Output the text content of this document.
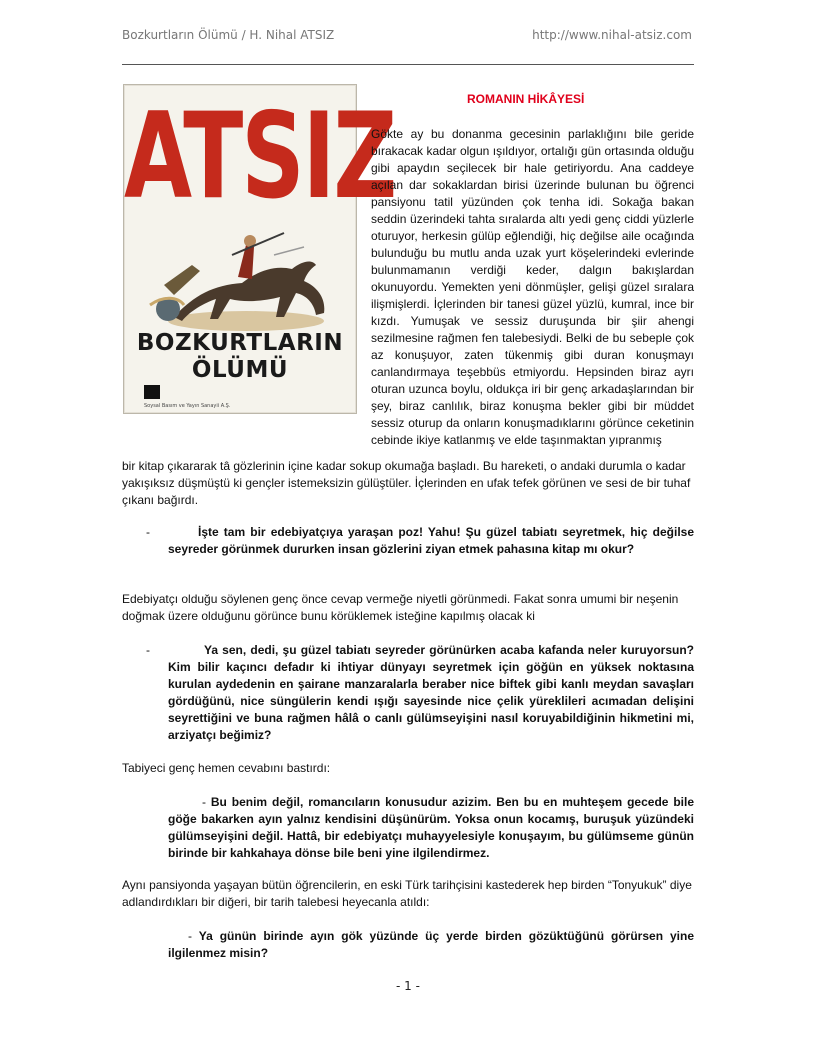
Bozkurtların Ölümü / H. Nihal ATSIZ	http://www.nihal-atsiz.com
ATSIZ
BOZKURTLARIN
ÖLÜMÜ
Soysal Basım ve Yayın Sanayii A.Ş.
ROMANIN HİKÂYESİ

Gökte ay bu donanma gecesinin parlaklığını bile geride bırakacak kadar olgun ışıldıyor, ortalığı gün ortasında olduğu gibi apaydın seçilecek bir hale getiriyordu. Ana caddeye açılan dar sokaklardan birisi üzerinde bulunan bu öğrenci pansiyonu tatil yüzünden çok tenha idi. Sokağa bakan seddin üzerindeki tahta sıralarda altı yedi genç ciddi yüzlerle oturuyor, herkesin gülüp eğlendiği, hiç değilse aile ocağında bulunduğu bu mutlu anda uzak yurt köşelerindeki evlerinde bulunmamanın verdiği keder, dalgın bakışlardan okunuyordu. Yemekten yeni dönmüşler, gelişi güzel sıralara ilişmişlerdi. İçlerinden bir tanesi güzel yüzlü, kumral, ince bir kızdı. Yumuşak ve sessiz duruşunda bir şiir ahengi sezilmesine rağmen fen talebesiydi. Belki de bu sebeple çok az konuşuyor, zaten tükenmiş gibi duran konuşmayı canlandırmaya teşebbüs etmiyordu. Hepsinden biraz ayrı oturan uzunca boylu, oldukça iri bir genç arkadaşlarından bir şey, biraz canlılık, biraz konuşma bekler gibi bir müddet sessiz oturup da onların konuşmadıklarını görünce ceketinin cebinde ikiye katlanmış ve elde taşınmaktan yıpranmış

bir kitap çıkararak tâ gözlerinin içine kadar sokup okumağa başladı. Bu hareketi, o andaki durumla o kadar yakışıksız düşmüştü ki gençler istemeksizin gülüştüler. İçlerinden en ufak tefek görünen ve sesi de bir tuhaf çıkanı bağırdı.

-	İşte tam bir edebiyatçıya yaraşan poz! Yahu! Şu güzel tabiatı seyretmek, hiç değilse seyreder görünmek dururken insan gözlerini ziyan etmek pahasına kitap mı okur?

Edebiyatçı olduğu söylenen genç önce cevap vermeğe niyetli görünmedi. Fakat sonra umumi bir neşenin doğmak üzere olduğunu görünce bunu körüklemek isteğine kapılmış olacak ki

-	Ya sen, dedi, şu güzel tabiatı seyreder görünürken acaba kafanda neler kuruyorsun? Kim bilir kaçıncı defadır ki ihtiyar dünyayı seyretmek için göğün en yüksek noktasına kurulan aydedenin en şairane manzaralarla beraber nice biftek gibi kanlı meydan savaşları gördüğünü, nice süngülerin kendi ışığı sayesinde nice çelik yüreklileri acımadan delişini seyrettiğini ve buna rağmen hâlâ o canlı gülümseyişini nasıl koruyabildiğinin hikmetini mi, arziyatçı beğimiz?

Tabiyeci genç hemen cevabını bastırdı:

- Bu benim değil, romancıların konusudur azizim. Ben bu en muhteşem gecede bile göğe bakarken ayın yalnız kendisini düşünürüm. Yoksa onun kocamış, buruşuk yüzündeki gülümseyişini değil. Hattâ, bir edebiyatçı muhayyelesiyle konuşayım, bu gülümseme günün birinde bir kahkahaya dönse bile beni yine ilgilendirmez.

Aynı pansiyonda yaşayan bütün öğrencilerin, en eski Türk tarihçisini kastederek hep birden “Tonyukuk” diye adlandırdıkları bir diğeri, bir tarih talebesi heyecanla atıldı:

- Ya günün birinde ayın gök yüzünde üç yerde birden gözüktüğünü görürsen yine ilgilenmez misin?

- 1 -
